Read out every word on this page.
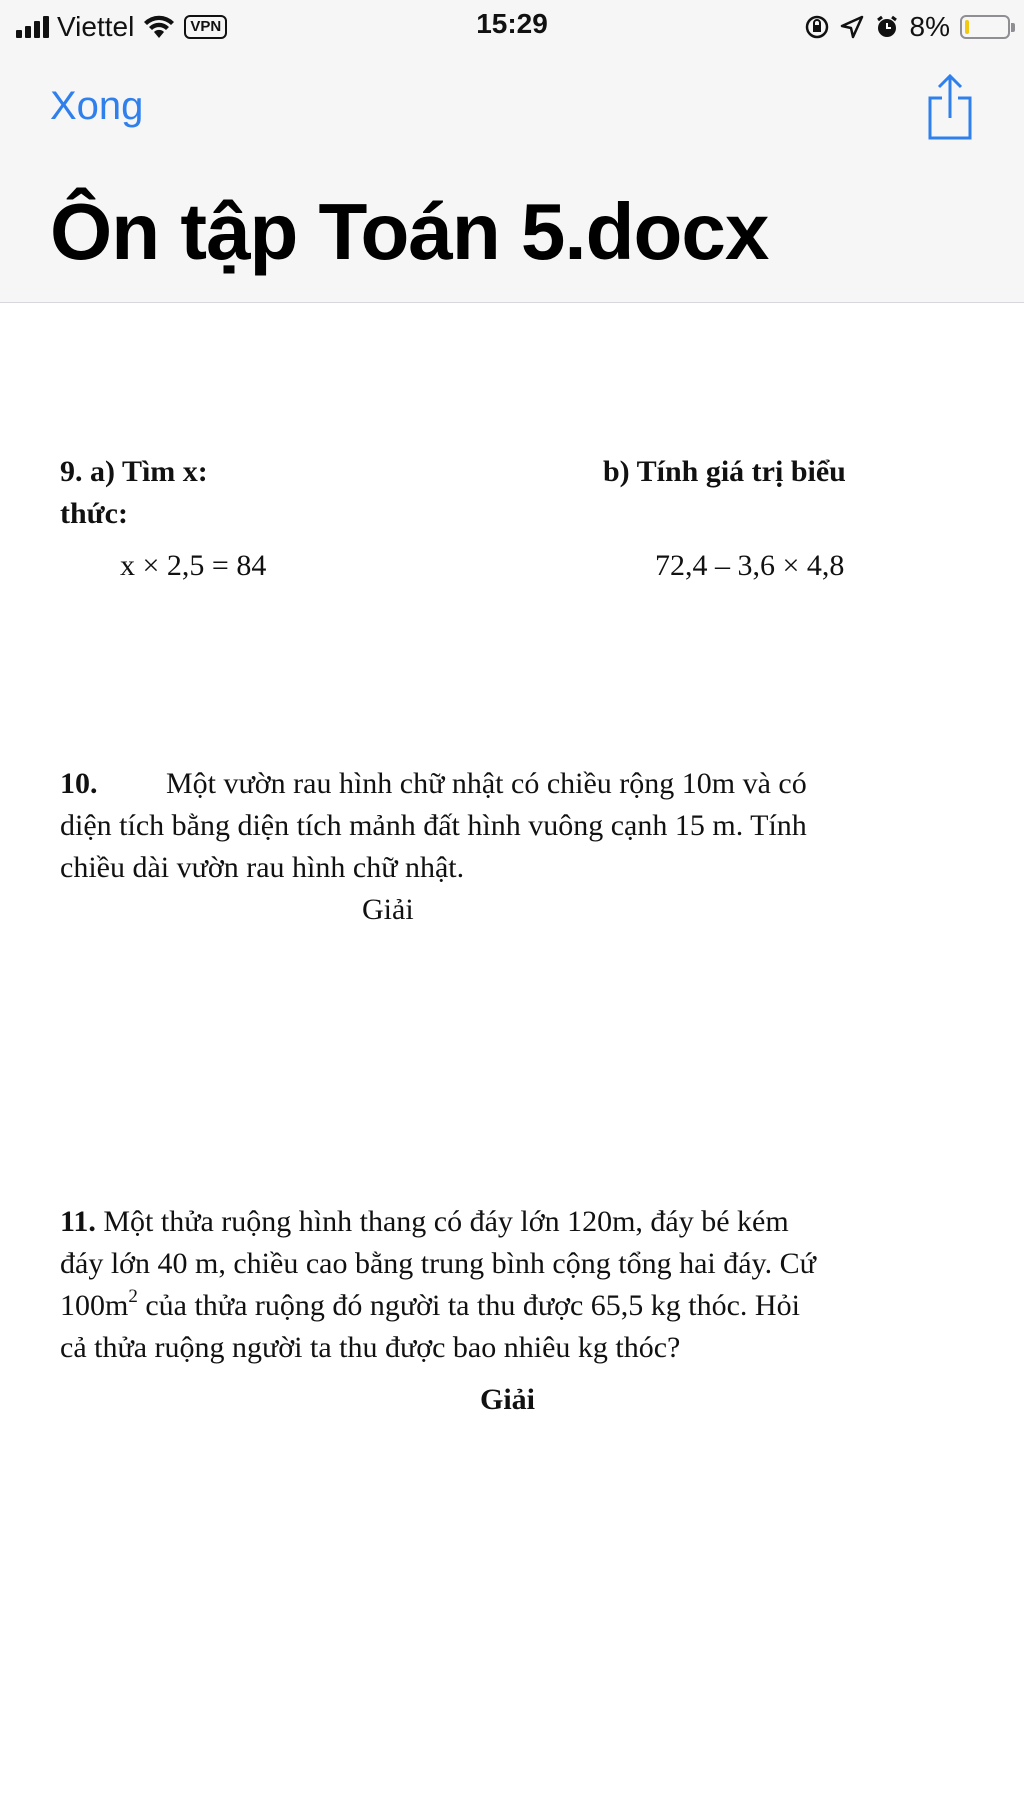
Viettel	VPN	15:29	8%
Xong
Ôn tập Toán 5.docx
9. a) Tìm x:	b) Tính giá trị biểu
thức:
x × 2,5 = 84	72,4 – 3,6 × 4,8
10. Một vườn rau hình chữ nhật có chiều rộng 10m và có
diện tích bằng diện tích mảnh đất hình vuông cạnh 15 m. Tính
chiều dài vườn rau hình chữ nhật.
Giải
11. Một thửa ruộng hình thang có đáy lớn 120m, đáy bé kém
đáy lớn 40 m, chiều cao bằng trung bình cộng tổng hai đáy. Cứ
$100m^2$ của thửa ruộng đó người ta thu được 65,5 kg thóc. Hỏi
cả thửa ruộng người ta thu được bao nhiêu kg thóc?
Giải
